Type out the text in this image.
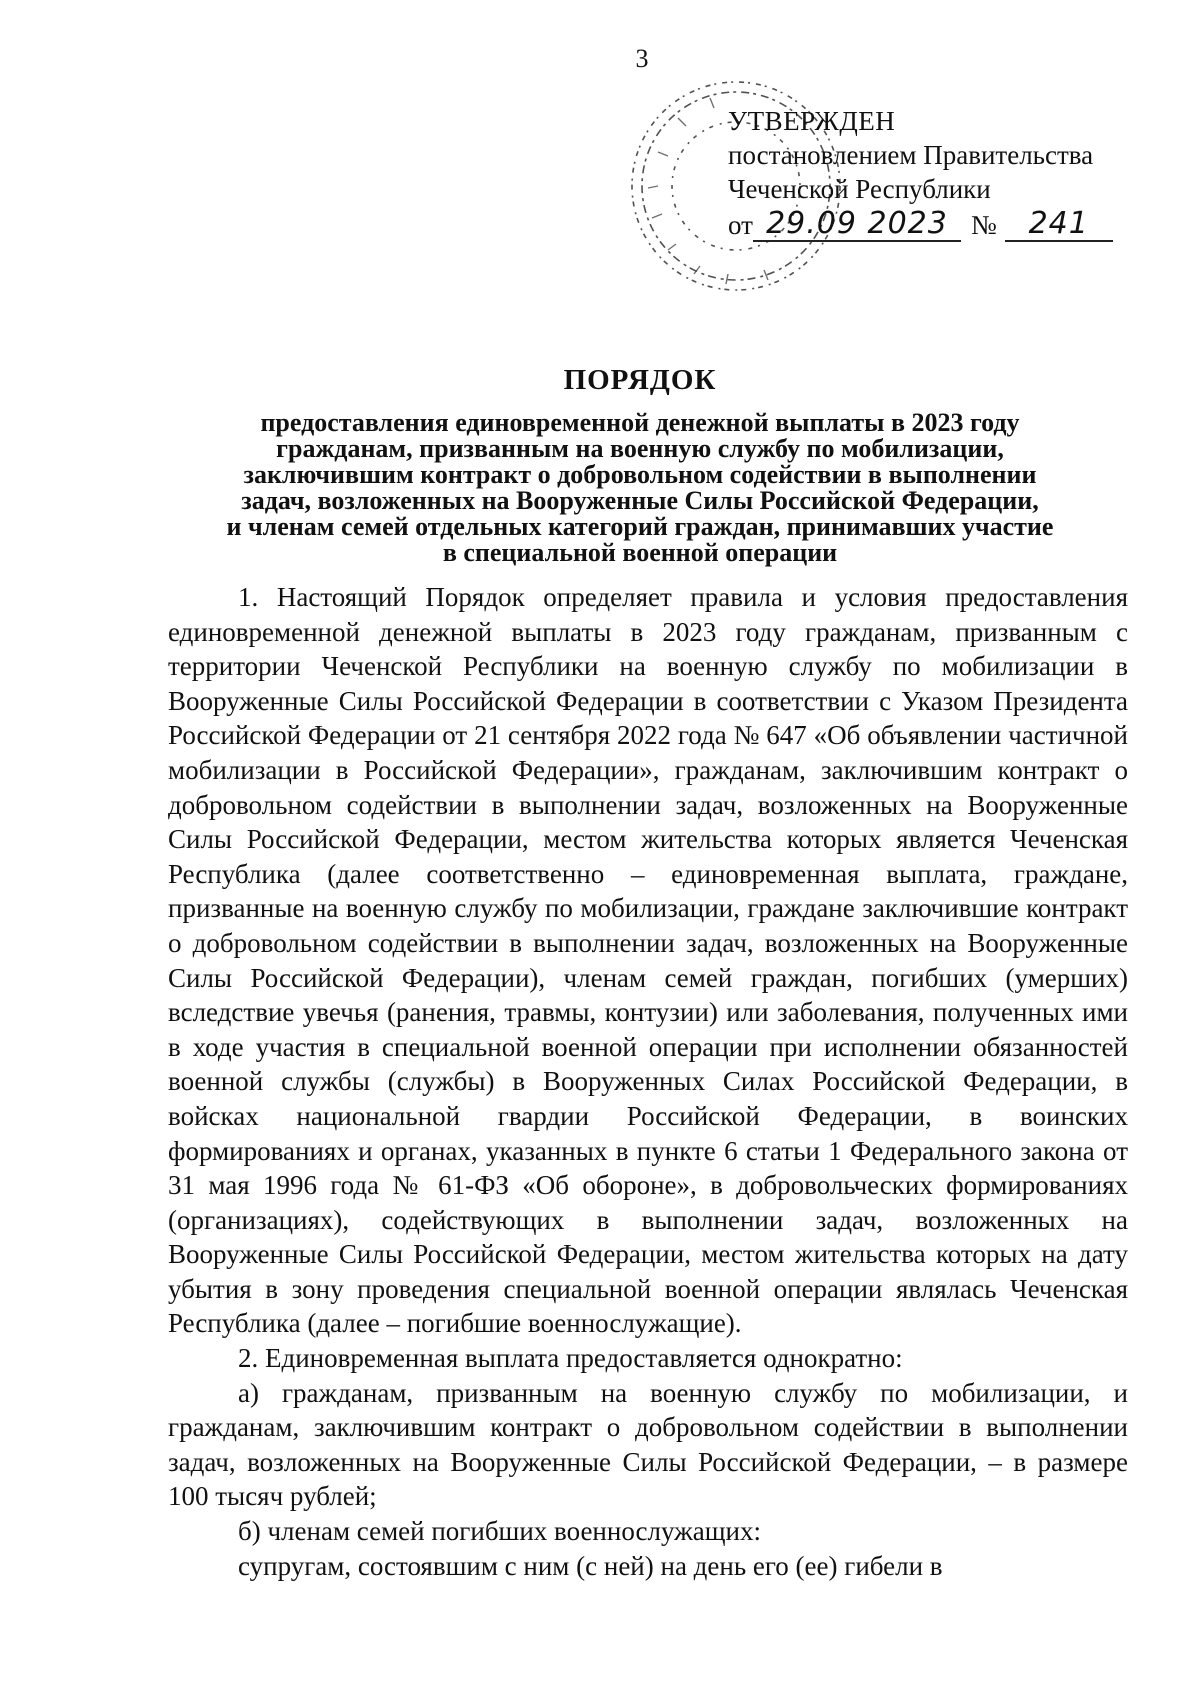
3
УТВЕРЖДЕН
постановлением Правительства
Чеченской Республики
от 29.09 2023 №	241
ПОРЯДОК
предоставления единовременной денежной выплаты в 2023 году
гражданам, призванным на военную службу по мобилизации,
заключившим контракт о добровольном содействии в выполнении
задач, возложенных на Вооруженные Силы Российской Федерации,
и членам семей отдельных категорий граждан, принимавших участие
в специальной военной операции

1. Настоящий Порядок определяет правила и условия предоставления единовременной денежной выплаты в 2023 году гражданам, призванным с территории Чеченской Республики на военную службу по мобилизации в Вооруженные Силы Российской Федерации в соответствии с Указом Президента Российской Федерации от 21 сентября 2022 года № 647 «Об объявлении частичной мобилизации в Российской Федерации», гражданам, заключившим контракт о добровольном содействии в выполнении задач, возложенных на Вооруженные Силы Российской Федерации, местом жительства которых является Чеченская Республика (далее соответственно – единовременная выплата, граждане, призванные на военную службу по мобилизации, граждане заключившие контракт о добровольном содействии в выполнении задач, возложенных на Вооруженные Силы Российской Федерации), членам семей граждан, погибших (умерших) вследствие увечья (ранения, травмы, контузии) или заболевания, полученных ими в ходе участия в специальной военной операции при исполнении обязанностей военной службы (службы) в Вооруженных Силах Российской Федерации, в войсках национальной гвардии Российской Федерации, в воинских формированиях и органах, указанных в пункте 6 статьи 1 Федерального закона от 31 мая 1996 года № 61-ФЗ «Об обороне», в добровольческих формированиях (организациях), содействующих в выполнении задач, возложенных на Вооруженные Силы Российской Федерации, местом жительства которых на дату убытия в зону проведения специальной военной операции являлась Чеченская Республика (далее – погибшие военнослужащие).

2. Единовременная выплата предоставляется однократно:

а) гражданам, призванным на военную службу по мобилизации, и гражданам, заключившим контракт о добровольном содействии в выполнении задач, возложенных на Вооруженные Силы Российской Федерации, – в размере 100 тысяч рублей;

б) членам семей погибших военнослужащих:

супругам, состоявшим с ним (с ней) на день его (ее) гибели в
